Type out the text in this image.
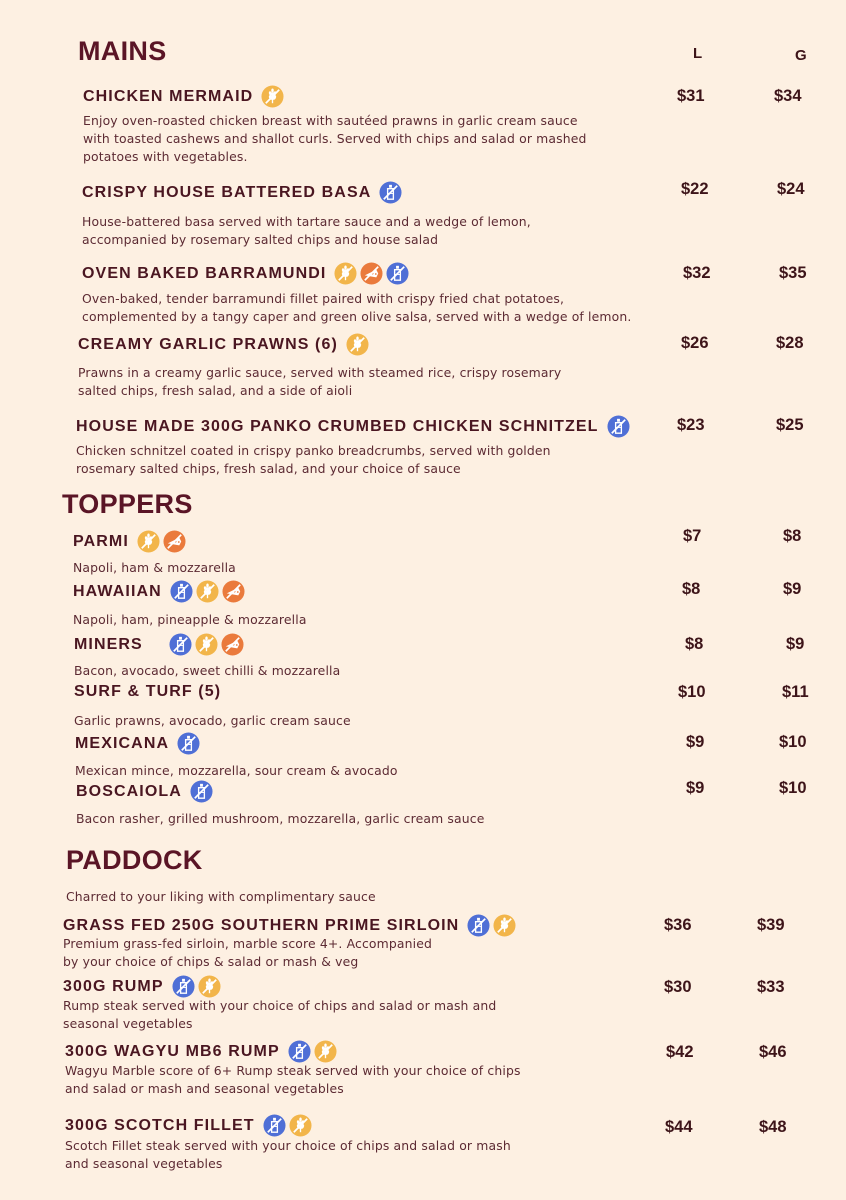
MAINS	L	G
TOPPERS
PADDOCK
Charred to your liking with complimentary sauce
CHICKEN MERMAID
Enjoy oven-roasted chicken breast with sautéed prawns in garlic cream sauce
with toasted cashews and shallot curls. Served with chips and salad or mashed
potatoes with vegetables.
$31	$34
CRISPY HOUSE BATTERED BASA
House-battered basa served with tartare sauce and a wedge of lemon,
accompanied by rosemary salted chips and house salad
$22	$24
OVEN BAKED BARRAMUNDI
Oven-baked, tender barramundi fillet paired with crispy fried chat potatoes,
complemented by a tangy caper and green olive salsa, served with a wedge of lemon.
$32	$35
CREAMY GARLIC PRAWNS (6)
Prawns in a creamy garlic sauce, served with steamed rice, crispy rosemary
salted chips, fresh salad, and a side of aioli
$26	$28
HOUSE MADE 300G PANKO CRUMBED CHICKEN SCHNITZEL
Chicken schnitzel coated in crispy panko breadcrumbs, served with golden
rosemary salted chips, fresh salad, and your choice of sauce
$23	$25
PARMI
Napoli, ham & mozzarella
$7	$8
HAWAIIAN
Napoli, ham, pineapple & mozzarella
$8	$9
MINERS
Bacon, avocado, sweet chilli & mozzarella
$8	$9
SURF & TURF (5)
Garlic prawns, avocado, garlic cream sauce
$10	$11
MEXICANA
Mexican mince, mozzarella, sour cream & avocado
$9	$10
BOSCAIOLA
Bacon rasher, grilled mushroom, mozzarella, garlic cream sauce
$9	$10
GRASS FED 250G SOUTHERN PRIME SIRLOIN
Premium grass-fed sirloin, marble score 4+. Accompanied
by your choice of chips & salad or mash & veg
$36	$39
300G RUMP
Rump steak served with your choice of chips and salad or mash and
seasonal vegetables
$30	$33
300G WAGYU MB6 RUMP
Wagyu Marble score of 6+ Rump steak served with your choice of chips
and salad or mash and seasonal vegetables
$42	$46
300G SCOTCH FILLET
Scotch Fillet steak served with your choice of chips and salad or mash
and seasonal vegetables
$44	$48
